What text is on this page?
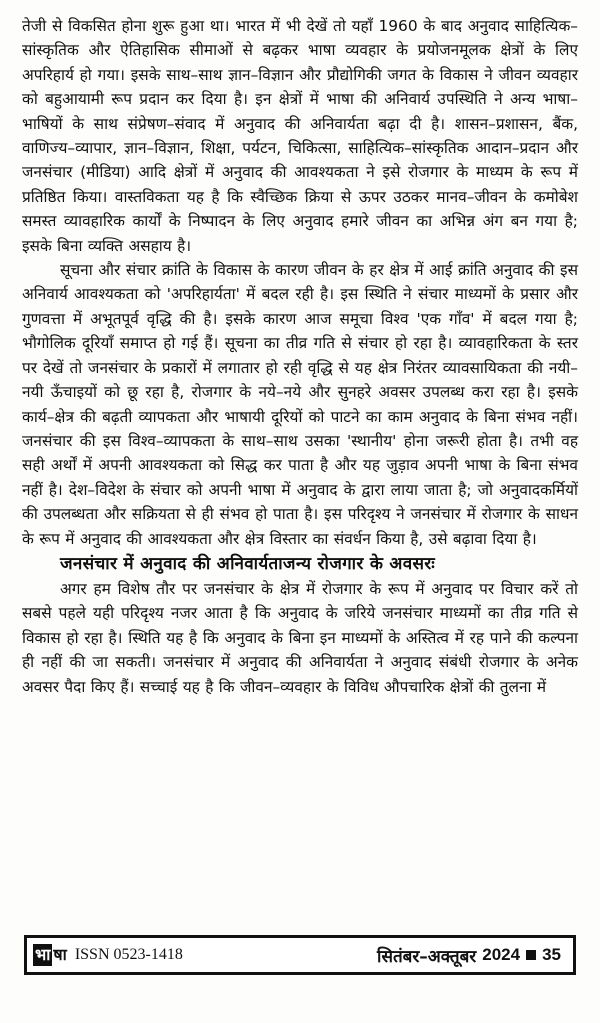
तेजी से विकसित होना शुरू हुआ था। भारत में भी देखें तो यहाँ 1960 के बाद अनुवाद साहित्यिक–सांस्कृतिक और ऐतिहासिक सीमाओं से बढ़कर भाषा व्यवहार के प्रयोजनमूलक क्षेत्रों के लिए अपरिहार्य हो गया। इसके साथ–साथ ज्ञान–विज्ञान और प्रौद्योगिकी जगत के विकास ने जीवन व्यवहार को बहुआयामी रूप प्रदान कर दिया है। इन क्षेत्रों में भाषा की अनिवार्य उपस्थिति ने अन्य भाषा–भाषियों के साथ संप्रेषण–संवाद में अनुवाद की अनिवार्यता बढ़ा दी है। शासन–प्रशासन, बैंक, वाणिज्य–व्यापार, ज्ञान–विज्ञान, शिक्षा, पर्यटन, चिकित्सा, साहित्यिक–सांस्कृतिक आदान–प्रदान और जनसंचार (मीडिया) आदि क्षेत्रों में अनुवाद की आवश्यकता ने इसे रोजगार के माध्यम के रूप में प्रतिष्ठित किया। वास्तविकता यह है कि स्वैच्छिक क्रिया से ऊपर उठकर मानव–जीवन के कमोबेश समस्त व्यावहारिक कार्यों के निष्पादन के लिए अनुवाद हमारे जीवन का अभिन्न अंग बन गया है; इसके बिना व्यक्ति असहाय है।

सूचना और संचार क्रांति के विकास के कारण जीवन के हर क्षेत्र में आई क्रांति अनुवाद की इस अनिवार्य आवश्यकता को 'अपरिहार्यता' में बदल रही है। इस स्थिति ने संचार माध्यमों के प्रसार और गुणवत्ता में अभूतपूर्व वृद्धि की है। इसके कारण आज समूचा विश्व 'एक गाँव' में बदल गया है; भौगोलिक दूरियाँ समाप्त हो गई हैं। सूचना का तीव्र गति से संचार हो रहा है। व्यावहारिकता के स्तर पर देखें तो जनसंचार के प्रकारों में लगातार हो रही वृद्धि से यह क्षेत्र निरंतर व्यावसायिकता की नयी–नयी ऊँचाइयों को छू रहा है, रोजगार के नये–नये और सुनहरे अवसर उपलब्ध करा रहा है। इसके कार्य–क्षेत्र की बढ़ती व्यापकता और भाषायी दूरियों को पाटने का काम अनुवाद के बिना संभव नहीं। जनसंचार की इस विश्व–व्यापकता के साथ–साथ उसका 'स्थानीय' होना जरूरी होता है। तभी वह सही अर्थों में अपनी आवश्यकता को सिद्ध कर पाता है और यह जुड़ाव अपनी भाषा के बिना संभव नहीं है। देश–विदेश के संचार को अपनी भाषा में अनुवाद के द्वारा लाया जाता है; जो अनुवादकर्मियों की उपलब्धता और सक्रियता से ही संभव हो पाता है। इस परिदृश्य ने जनसंचार में रोजगार के साधन के रूप में अनुवाद की आवश्यकता और क्षेत्र विस्तार का संवर्धन किया है, उसे बढ़ावा दिया है।

जनसंचार में अनुवाद की अनिवार्यताजन्य रोजगार के अवसरः

अगर हम विशेष तौर पर जनसंचार के क्षेत्र में रोजगार के रूप में अनुवाद पर विचार करें तो सबसे पहले यही परिदृश्य नजर आता है कि अनुवाद के जरिये जनसंचार माध्यमों का तीव्र गति से विकास हो रहा है। स्थिति यह है कि अनुवाद के बिना इन माध्यमों के अस्तित्व में रह पाने की कल्पना ही नहीं की जा सकती। जनसंचार में अनुवाद की अनिवार्यता ने अनुवाद संबंधी रोजगार के अनेक अवसर पैदा किए हैं। सच्चाई यह है कि जीवन–व्यवहार के विविध औपचारिक क्षेत्रों की तुलना में

भा षा ISSN 0523-1418	सितंबर–अक्तूबर 2024 35
